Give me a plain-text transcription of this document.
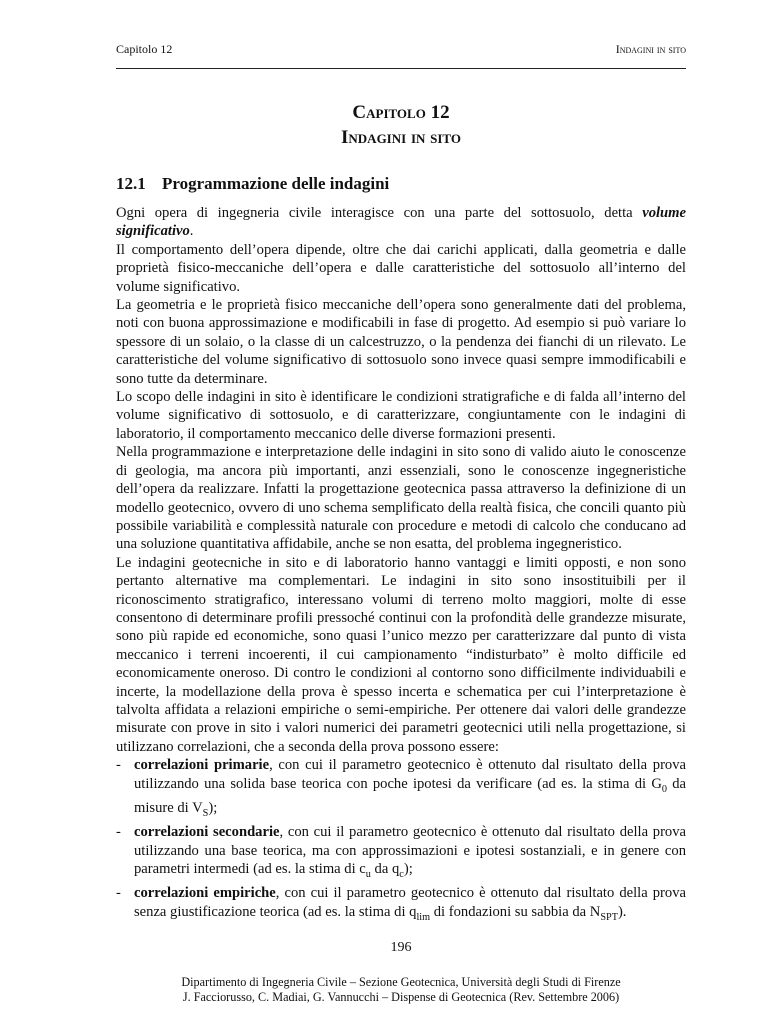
Capitolo 12	Indagini in sito
Capitolo 12
Indagini in sito
12.1 Programmazione delle indagini

Ogni opera di ingegneria civile interagisce con una parte del sottosuolo, detta volume significativo.

Il comportamento dell’opera dipende, oltre che dai carichi applicati, dalla geometria e dalle proprietà fisico-meccaniche dell’opera e dalle caratteristiche del sottosuolo all’interno del volume significativo.

La geometria e le proprietà fisico meccaniche dell’opera sono generalmente dati del problema, noti con buona approssimazione e modificabili in fase di progetto. Ad esempio si può variare lo spessore di un solaio, o la classe di un calcestruzzo, o la pendenza dei fianchi di un rilevato. Le caratteristiche del volume significativo di sottosuolo sono invece quasi sempre immodificabili e sono tutte da determinare.

Lo scopo delle indagini in sito è identificare le condizioni stratigrafiche e di falda all’interno del volume significativo di sottosuolo, e di caratterizzare, congiuntamente con le indagini di laboratorio, il comportamento meccanico delle diverse formazioni presenti.

Nella programmazione e interpretazione delle indagini in sito sono di valido aiuto le conoscenze di geologia, ma ancora più importanti, anzi essenziali, sono le conoscenze ingegneristiche dell’opera da realizzare. Infatti la progettazione geotecnica passa attraverso la definizione di un modello geotecnico, ovvero di uno schema semplificato della realtà fisica, che concili quanto più possibile variabilità e complessità naturale con procedure e metodi di calcolo che conducano ad una soluzione quantitativa affidabile, anche se non esatta, del problema ingegneristico.

Le indagini geotecniche in sito e di laboratorio hanno vantaggi e limiti opposti, e non sono pertanto alternative ma complementari. Le indagini in sito sono insostituibili per il riconoscimento stratigrafico, interessano volumi di terreno molto maggiori, molte di esse consentono di determinare profili pressoché continui con la profondità delle grandezze misurate, sono più rapide ed economiche, sono quasi l’unico mezzo per caratterizzare dal punto di vista meccanico i terreni incoerenti, il cui campionamento “indisturbato” è molto difficile ed economicamente oneroso. Di contro le condizioni al contorno sono difficilmente individuabili e incerte, la modellazione della prova è spesso incerta e schematica per cui l’interpretazione è talvolta affidata a relazioni empiriche o semi-empiriche. Per ottenere dai valori delle grandezze misurate con prove in sito i valori numerici dei parametri geotecnici utili nella progettazione, si utilizzano correlazioni, che a seconda della prova possono essere:

- correlazioni primarie, con cui il parametro geotecnico è ottenuto dal risultato della prova utilizzando una solida base teorica con poche ipotesi da verificare (ad es. la stima di $G_0$ da misure di $V_S$);
- correlazioni secondarie, con cui il parametro geotecnico è ottenuto dal risultato della prova utilizzando una base teorica, ma con approssimazioni e ipotesi sostanziali, e in genere con parametri intermedi (ad es. la stima di $c_u$ da $q_c$);
- correlazioni empiriche, con cui il parametro geotecnico è ottenuto dal risultato della prova senza giustificazione teorica (ad es. la stima di $q_{lim}$ di fondazioni su sabbia da $N_{SPT}$).
196
Dipartimento di Ingegneria Civile – Sezione Geotecnica, Università degli Studi di Firenze
J. Facciorusso, C. Madiai, G. Vannucchi – Dispense di Geotecnica (Rev. Settembre 2006)
